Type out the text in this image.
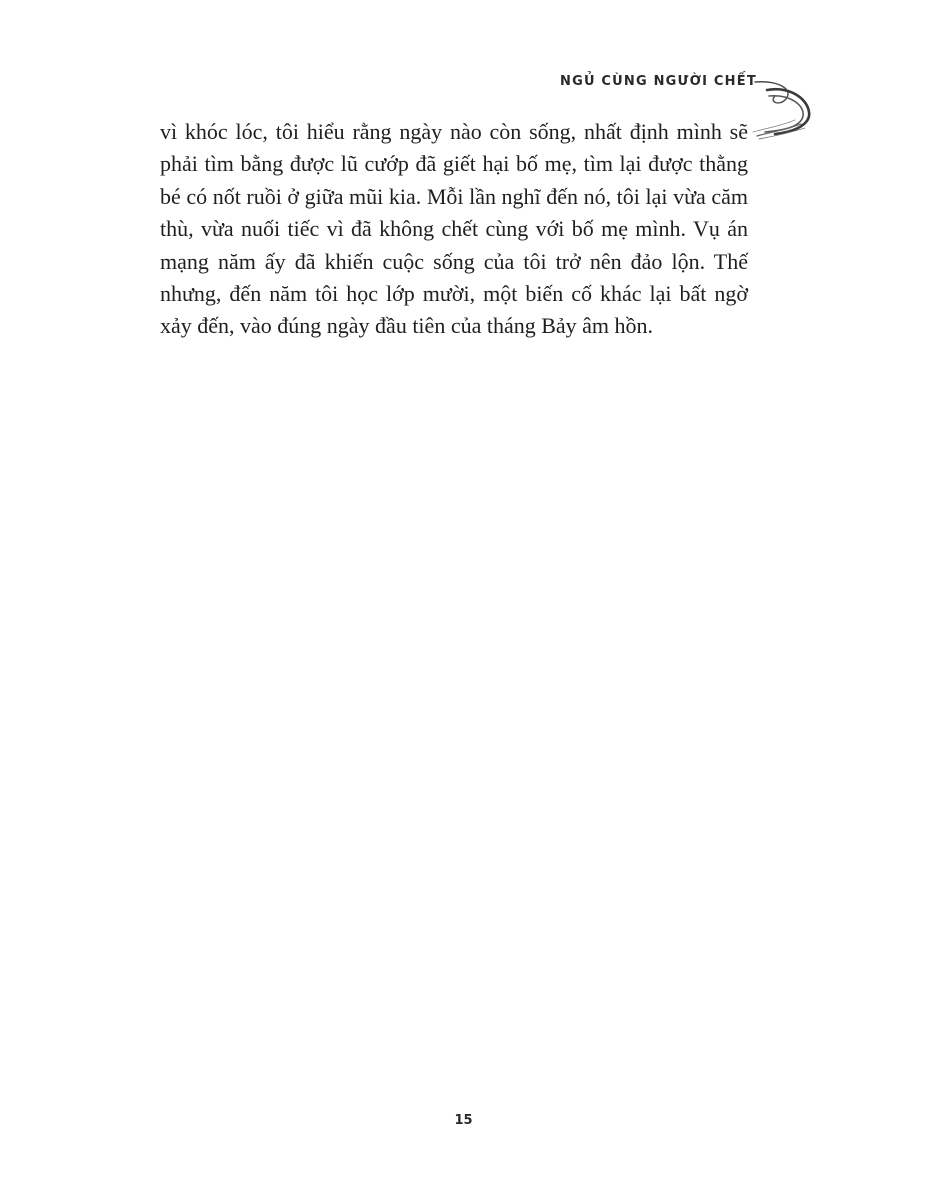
NGỦ CÙNG NGƯỜI CHẾT

vì khóc lóc, tôi hiểu rằng ngày nào còn sống, nhất định mình sẽ phải tìm bằng được lũ cướp đã giết hại bố mẹ, tìm lại được thằng bé có nốt ruồi ở giữa mũi kia. Mỗi lần nghĩ đến nó, tôi lại vừa căm thù, vừa nuối tiếc vì đã không chết cùng với bố mẹ mình. Vụ án mạng năm ấy đã khiến cuộc sống của tôi trở nên đảo lộn. Thế nhưng, đến năm tôi học lớp mười, một biến cố khác lại bất ngờ xảy đến, vào đúng ngày đầu tiên của tháng Bảy âm hồn.

15
